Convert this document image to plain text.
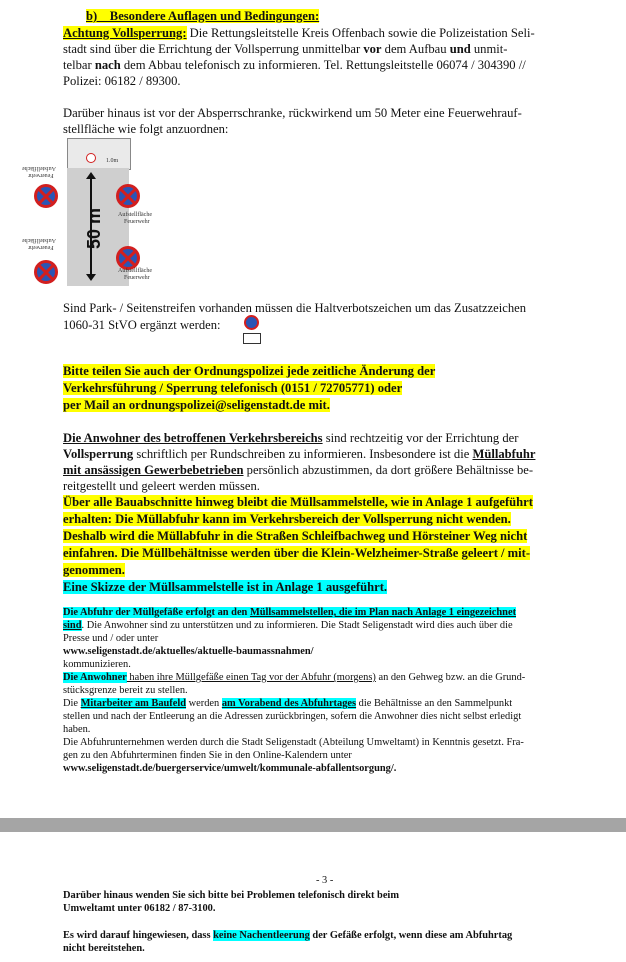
b) Besondere Auflagen und Bedingungen:
Achtung Vollsperrung: Die Rettungsleitstelle Kreis Offenbach sowie die Polizeistation Seli-
stadt sind über die Errichtung der Vollsperrung unmittelbar vor dem Aufbau und unmit-
telbar nach dem Abbau telefonisch zu informieren. Tel. Rettungsleitstelle 06074 / 304390 //
Polizei: 06182 / 89300.
Darüber hinaus ist vor der Absperrschranke, rückwirkend um 50 Meter eine Feuerwehrauf-
stellfläche wie folgt anzuordnen:
1.0m
50 m Aufstellfläche
Feuerwehr
Aufstellfläche
Feuerwehr
Aufstellfläche
Feuerwehr
Aufstellfläche
Feuerwehr
Sind Park- / Seitenstreifen vorhanden müssen die Haltverbotszeichen um das Zusatzzeichen
1060-31 StVO ergänzt werden:
Bitte teilen Sie auch der Ordnungspolizei jede zeitliche Änderung der
Verkehrsführung / Sperrung telefonisch (0151 / 72705771) oder
per Mail an ordnungspolizei@seligenstadt.de mit.
Die Anwohner des betroffenen Verkehrsbereichs sind rechtzeitig vor der Errichtung der
Vollsperrung schriftlich per Rundschreiben zu informieren. Insbesondere ist die Müllabfuhr
mit ansässigen Gewerbebetrieben persönlich abzustimmen, da dort größere Behältnisse be-
reitgestellt und geleert werden müssen.
Über alle Bauabschnitte hinweg bleibt die Müllsammelstelle, wie in Anlage 1 aufgeführt
erhalten: Die Müllabfuhr kann im Verkehrsbereich der Vollsperrung nicht wenden.
Deshalb wird die Müllabfuhr in die Straßen Schleifbachweg und Hörsteiner Weg nicht
einfahren. Die Müllbehältnisse werden über die Klein-Welzheimer-Straße geleert / mit-
genommen.
Eine Skizze der Müllsammelstelle ist in Anlage 1 ausgeführt.
Die Abfuhr der Müllgefäße erfolgt an den Müllsammelstellen, die im Plan nach Anlage 1 eingezeichnet
sind. Die Anwohner sind zu unterstützen und zu informieren. Die Stadt Seligenstadt wird dies auch über die
Presse und / oder unter
www.seligenstadt.de/aktuelles/aktuelle-baumassnahmen/
kommunizieren.
Die Anwohner haben ihre Müllgefäße einen Tag vor der Abfuhr (morgens) an den Gehweg bzw. an die Grund-
stücksgrenze bereit zu stellen.
Die Mitarbeiter am Baufeld werden am Vorabend des Abfuhrtages die Behältnisse an den Sammelpunkt
stellen und nach der Entleerung an die Adressen zurückbringen, sofern die Anwohner dies nicht selbst erledigt
haben.
Die Abfuhrunternehmen werden durch die Stadt Seligenstadt (Abteilung Umweltamt) in Kenntnis gesetzt. Fra-
gen zu den Abfuhrterminen finden Sie in den Online-Kalendern unter
www.seligenstadt.de/buergerservice/umwelt/kommunale-abfallentsorgung/.
- 3 -
Darüber hinaus wenden Sie sich bitte bei Problemen telefonisch direkt beim
Umweltamt unter 06182 / 87-3100.
Es wird darauf hingewiesen, dass keine Nachentleerung der Gefäße erfolgt, wenn diese am Abfuhrtag
nicht bereitstehen.
